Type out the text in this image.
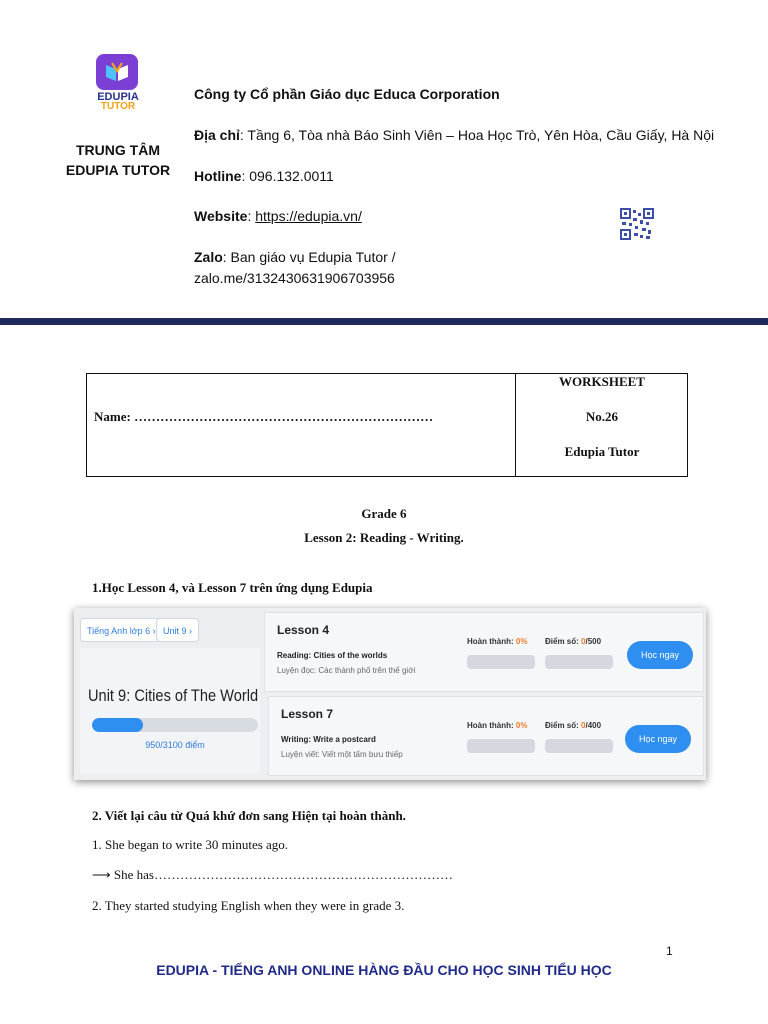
EDUPIA
TUTOR
TRUNG TÂM
EDUPIA TUTOR
Công ty Cổ phần Giáo dục Educa Corporation
Địa chỉ: Tầng 6, Tòa nhà Báo Sinh Viên – Hoa Học Trò, Yên Hòa, Cầu Giấy, Hà Nội
Hotline: 096.132.0011
Website: https://edupia.vn/
Zalo: Ban giáo vụ Edupia Tutor /
zalo.me/3132430631906703956
Name: ……………………………………………………………
WORKSHEET
No.26
Edupia Tutor
Grade 6
Lesson 2: Reading - Writing.
1.Học Lesson 4, và Lesson 7 trên ứng dụng Edupia
Tiếng Anh lớp 6 › Unit 9 ›
Unit 9: Cities of The World
950/3100 điểm
Lesson 4
Reading: Cities of the worlds
Luyện đọc: Các thành phố trên thế giới
Hoàn thành: 0% Điểm số: 0/500
Học ngay
Lesson 7
Writing: Write a postcard
Luyện viết: Viết một tấm bưu thiếp
Hoàn thành: 0% Điểm số: 0/400
Học ngay
2. Viết lại câu từ Quá khứ đơn sang Hiện tại hoàn thành.
1. She began to write 30 minutes ago.
⟶ She has……………………………………………………………
2. They started studying English when they were in grade 3.
1
EDUPIA - TIẾNG ANH ONLINE HÀNG ĐẦU CHO HỌC SINH TIỂU HỌC
